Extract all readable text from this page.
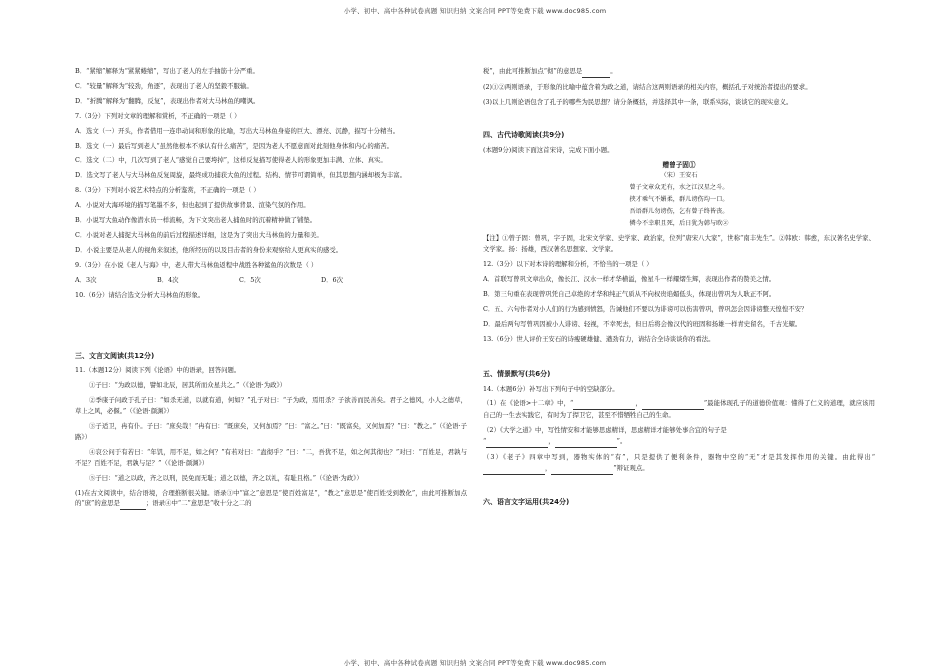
小学、初中、高中各种试卷真题 知识归纳 文案合同 PPT等免费下载 www.doc985.com

B．“紧缩”解释为“紧紧蜷缩”，写出了老人的左手抽筋十分严重。

C．“较量”解释为“较劲，角逐”，表现出了老人的坚毅不服输。

D．“折腾”解释为“翻腾，反复”，表现出作者对大马林鱼的嘲讽。

7.（3分）下列对文章的理解和赏析，不正确的一项是（ ）

A．选文（一）开头，作者借用一连串动词和形象的比喻，写出大马林鱼身姿的巨大、漂亮、沉静，描写十分精当。

B．选文（一）最后写到老人“虽然他根本不承认有什么痛苦”，是因为老人不愿意面对此刻他身体和内心的痛苦。

C．选文（二）中，几次写到了老人“感觉自己要垮掉”，这样反复描写使得老人的形象更加丰满、立体、真实。

D．选文写了老人与大马林鱼反复周旋，最终成功捕获大鱼的过程。结构、情节可谓简单，但其思想内涵却极为丰富。

8.（3分）下列对小说艺术特点的分析鉴赏，不正确的一项是（ ）

A．小说对大海环境的描写笔墨不多，但也起到了提供故事背景、渲染气氛的作用。

B．小说写大鱼动作像潜水员一样流畅，为下文突出老人捕鱼时的沉着精神做了铺垫。

C．小说对老人捕捉大马林鱼的前后过程描述详细，这是为了突出大马林鱼的力量和美。

D．小说主要是从老人的视角来叙述，他所经历的以及目击者的身份来观察给人更真实的感受。

9.（3分）在小说《老人与海》中，老人带大马林鱼返程中战胜各种鲨鱼的次数是（ ）

A．3次	B．4次	C．5次	D．6次

10.（6分）请结合选文分析大马林鱼的形象。

三、文言文阅读(共12分)

11.（本题12分）阅读下列《论语》中的语录，回答问题。

①子曰：“为政以德，譬如北辰，居其所而众星共之。”（《论语·为政》）

②季康子问政于孔子曰：“如杀无道，以就有道，何如？”孔子对曰：“子为政，焉用杀？子欲善而民善矣。君子之德风，小人之德草，草上之风，必偃。”（《论语·颜渊》）

③子适卫，冉有仆。子曰：“庶矣哉！”冉有曰：“既庶矣，又何加焉？”曰：“富之。”曰：“既富矣，又何加焉？”曰：“教之。”（《论语·子路》）

④哀公问于有若曰：“年饥，用不足，如之何？”有若对曰：“盍彻乎？”曰：“二，吾犹不足，如之何其彻也？”对曰：“百姓足，君孰与不足？百姓不足，君孰与足？”（《论语·颜渊》）

⑤子曰：“道之以政，齐之以刑，民免而无耻；道之以德，齐之以礼，有耻且格。”（《论语·为政》）

(1)在古文阅读中，结合语境，合理推断很关键。语录③中“富之”意思是“使百姓富足”，“教之”意思是“使百姓受到教化”，由此可推断加点的“庶”的意思是	；语录④中“二”意思是“收十分之二的

税”，由此可推断加点“彻”的意思是	。

(2)①②两则语录，于形象的比喻中蕴含着为政之道，请结合这两则语录的相关内容，概括孔子对统治者提出的要求。

(3)以上几则论语包含了孔子的哪些为民思想？请分条概括，并选择其中一条，联系实际，谈谈它的现实意义。

四、古代诗歌阅读(共9分)

(本题9分)阅读下面这首宋诗，完成下面小题。

赠曾子固①

（宋）王安石

曾子文章众无有，水之江汉星之斗。

挟才乘气不媚柔，群儿谤伤均一口。

吾语群儿勿谤伤，乞有曾子终皆丧。

憐今不幸职且死，后日犹为韩与欧②

【注】①曾子固：曾巩，字子固，北宋文学家、史学家、政治家，位列“唐宋八大家”，世称“南丰先生”。②韩欧：韩愈，东汉著名史学家、文学家。扬：扬雄，西汉著名思想家、文学家。

12.（3分）以下对本诗的理解和分析，不恰当的一项是（ ）

A．首联写曾巩文章出众，像长江、汉水一样才华横溢，像星斗一样耀熠生辉，表现出作者的赞美之情。

B．第三句重在表现曾巩凭自己卓绝的才华和纯正气质从不向权贵谄媚低头，体现出曾巩为人耿正不阿。

C．五、六句作者对小人们的行为感到愤怒，告诫他们不要以为诽谤可以伤害曾巩，曾巩怎会因诽谤整天惶惶不安？

D．最后两句写曾巩因被小人诽谤、轻视，不幸死去，但日后将会像汉代的班固和扬雄一样青史留名，千古光耀。

13.（6分）世人评价王安石的诗瘦硬雄健、遒劲有力，请结合全诗谈谈你的看法。

五、情景默写(共6分)

14.（本题6分）补写出下列句子中的空缺部分。

（1）在《论语>十二章》中，“	，	”最能体现孔子的道德价值观：懂得了仁义的道理，就应该用自己的一生去实践它，有时为了捍卫它，甚至不惜牺牲自己的生命。

（2）《大学之道》中，写性情安和才能够思虑精详，思虑精详才能够处事合宜的句子是
“	，	”。

（3）《老子》四章中写到，器物实体的“有”，只是提供了便利条件，器物中空的“无”才是其发挥作用的关键。由此得出“ ，	”辩证观点。

六、语言文字运用(共24分)

小学、初中、高中各种试卷真题 知识归纳 文案合同 PPT等免费下载 www.doc985.com
